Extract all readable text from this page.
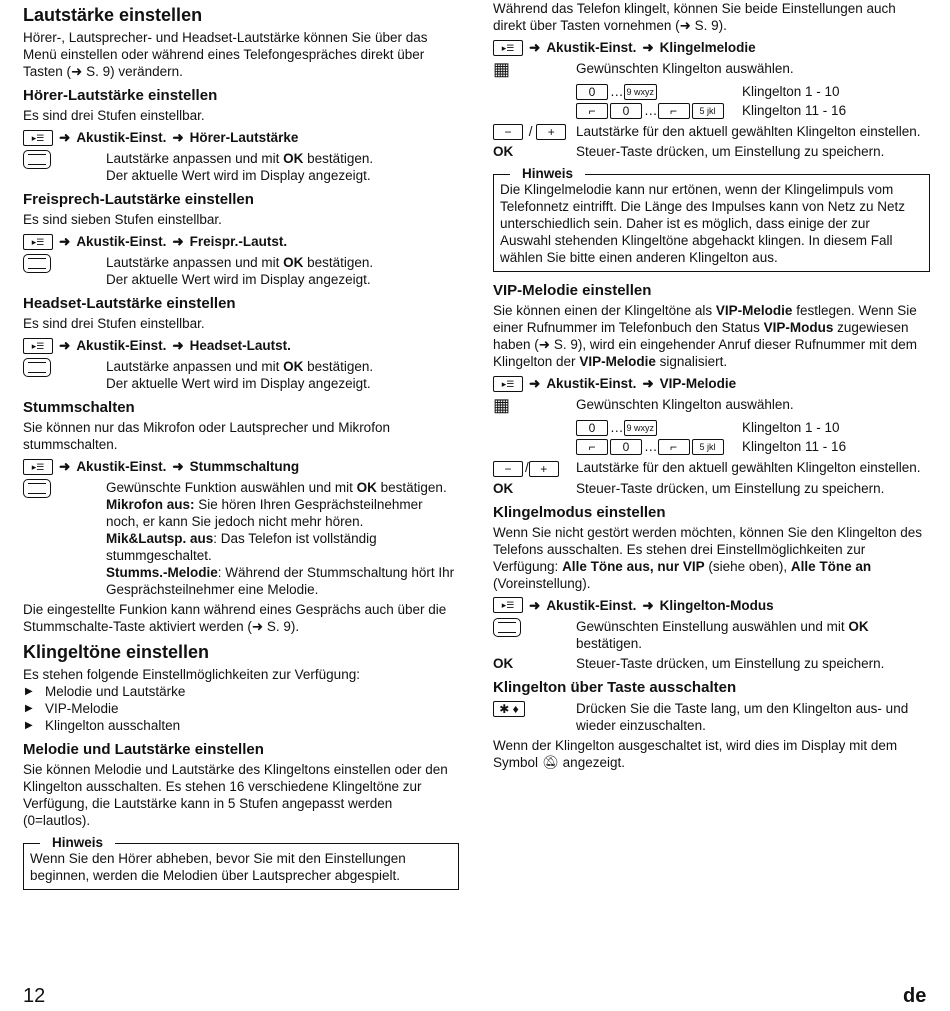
Lautstärke einstellen

Hörer-, Lautsprecher- und Headset-Lautstärke können Sie über das Menü einstellen oder während eines Telefongespräches direkt über Tasten (➜ S. 9) verändern.

Hörer-Lautstärke einstellen

Es sind drei Stufen einstellbar.

▸☰	➜ Akustik-Einst. ➜ Hörer-Lautstärke
Lautstärke anpassen und mit OK bestätigen.
Der aktuelle Wert wird im Display angezeigt.
Freisprech-Lautstärke einstellen

Es sind sieben Stufen einstellbar.

▸☰	➜ Akustik-Einst. ➜ Freispr.-Lautst.
Lautstärke anpassen und mit OK bestätigen.
Der aktuelle Wert wird im Display angezeigt.
Headset-Lautstärke einstellen

Es sind drei Stufen einstellbar.

▸☰	➜ Akustik-Einst. ➜ Headset-Lautst.
Lautstärke anpassen und mit OK bestätigen.
Der aktuelle Wert wird im Display angezeigt.
Stummschalten

Sie können nur das Mikrofon oder Lautsprecher und Mikrofon stummschalten.

▸☰	➜ Akustik-Einst. ➜ Stummschaltung
Gewünschte Funktion auswählen und mit OK bestätigen.
Mikrofon aus: Sie hören Ihren Gesprächsteilnehmer noch, er kann Sie jedoch nicht mehr hören.
Mik&Lautsp. aus: Das Telefon ist vollständig stummgeschaltet.
Stumms.-Melodie: Während der Stummschaltung hört Ihr Gesprächsteilnehmer eine Melodie.

Die eingestellte Funkion kann während eines Gesprächs auch über die Stummschalte-Taste aktiviert werden (➜ S. 9).

Klingeltöne einstellen

Es stehen folgende Einstellmöglichkeiten zur Verfügung:

▶ Melodie und Lautstärke
▶ VIP-Melodie
▶ Klingelton ausschalten
Melodie und Lautstärke einstellen

Sie können Melodie und Lautstärke des Klingeltons einstellen oder den Klingelton ausschalten. Es stehen 16 verschiedene Klingeltöne zur Verfügung, die Lautstärke kann in 5 Stufen angepasst werden (0=lautlos).

Hinweis

Wenn Sie den Hörer abheben, bevor Sie mit den Einstellungen beginnen, werden die Melodien über Lautsprecher abgespielt.

Während das Telefon klingelt, können Sie beide Einstellungen auch direkt über Tasten vornehmen (➜ S. 9).

▸☰	➜ Akustik-Einst. ➜ Klingelmelodie
▦	Gewünschten Klingelton auswählen.
0	… 9 wxyz	Klingelton 1 - 10
⌐	0	…	⌐	5 jkl	Klingelton 11 - 16
− / +	Lautstärke für den aktuell gewählten Klingelton einstellen.
OK	Steuer-Taste drücken, um Einstellung zu speichern.
Hinweis

Die Klingelmelodie kann nur ertönen, wenn der Klingelimpuls vom Telefonnetz eintrifft. Die Länge des Impulses kann von Netz zu Netz unterschiedlich sein. Daher ist es möglich, dass einige der zur Auswahl stehenden Klingeltöne abgehackt klingen. In diesem Fall wählen Sie bitte einen anderen Klingelton aus.

VIP-Melodie einstellen

Sie können einen der Klingeltöne als VIP-Melodie festlegen. Wenn Sie einer Rufnummer im Telefonbuch den Status VIP-Modus zugewiesen haben (➜ S. 9), wird ein eingehender Anruf dieser Rufnummer mit dem Klingelton der VIP-Melodie signalisiert.

▸☰	➜ Akustik-Einst. ➜ VIP-Melodie
▦	Gewünschten Klingelton auswählen.
0	… 9 wxyz	Klingelton 1 - 10
⌐	0	…	⌐	5 jkl	Klingelton 11 - 16
− / +	Lautstärke für den aktuell gewählten Klingelton einstellen.
OK	Steuer-Taste drücken, um Einstellung zu speichern.
Klingelmodus einstellen

Wenn Sie nicht gestört werden möchten, können Sie den Klingelton des Telefons ausschalten. Es stehen drei Einstellmöglichkeiten zur Verfügung: Alle Töne aus, nur VIP (siehe oben), Alle Töne an (Voreinstellung).

▸☰	➜ Akustik-Einst. ➜ Klingelton-Modus
Gewünschten Einstellung auswählen und mit OK bestätigen.
OK	Steuer-Taste drücken, um Einstellung zu speichern.
Klingelton über Taste ausschalten
✱ ♦	Drücken Sie die Taste lang, um den Klingelton aus- und wieder einzuschalten.

Wenn der Klingelton ausgeschaltet ist, wird dies im Display mit dem Symbol 🔕︎ angezeigt.

12	de
